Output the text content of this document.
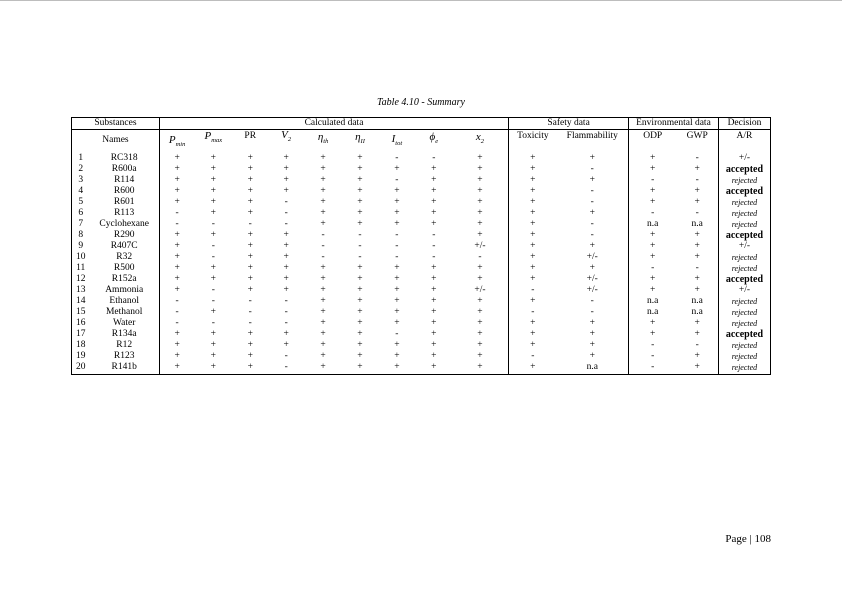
Table 4.10 - Summary
Substances		Calculated data									Safety data		Environmental data		Decision
Names		$P_{min}$	$P_{max}$	PR	$V_2$	$\eta_{th}$	$\eta_{II}$	$I_{tot}$	$\phi_e$	$x_2$	Toxicity	Flammability	ODP	GWP	A/R
1	RC318	+	+	+	+	+	+	-	-	+	+	+	+	-	+/-
2	R600a	+	+	+	+	+	+	+	+	+	+	-	+	+	accepted
3	R114	+	+	+	+	+	+	-	+	+	+	+	-	-	rejected
4	R600	+	+	+	+	+	+	+	+	+	+	-	+	+	accepted
5	R601	+	+	+	-	+	+	+	+	+	+	-	+	+	rejected
6	R113	-	+	+	-	+	+	+	+	+	+	+	-	-	rejected
7	Cyclohexane	-	-	-	-	+	+	+	+	+	+	-	n.a	n.a	rejected
8	R290	+	+	+	+	-	-	-	-	+	+	-	+	+	accepted
9	R407C	+	-	+	+	-	-	-	-	+/-	+	+	+	+	+/-
10	R32	+	-	+	+	-	-	-	-	-	+	+/-	+	+	rejected
11	R500	+	+	+	+	+	+	+	+	+	+	+	-	-	rejected
12	R152a	+	+	+	+	+	+	+	+	+	+	+/-	+	+	accepted
13	Ammonia	+	-	+	+	+	+	+	+	+/-	-	+/-	+	+	+/-
14	Ethanol	-	-	-	-	+	+	+	+	+	+	-	n.a	n.a	rejected
15	Methanol	-	+	-	-	+	+	+	+	+	-	-	n.a	n.a	rejected
16	Water	-	-	-	-	+	+	+	+	+	+	+	+	+	rejected
17	R134a	+	+	+	+	+	+	-	+	+	+	+	+	+	accepted
18	R12	+	+	+	+	+	+	+	+	+	+	+	-	-	rejected
19	R123	+	+	+	-	+	+	+	+	+	-	+	-	+	rejected
20	R141b	+	+	+	-	+	+	+	+	+	+	n.a	-	+	rejected
Page | 108
